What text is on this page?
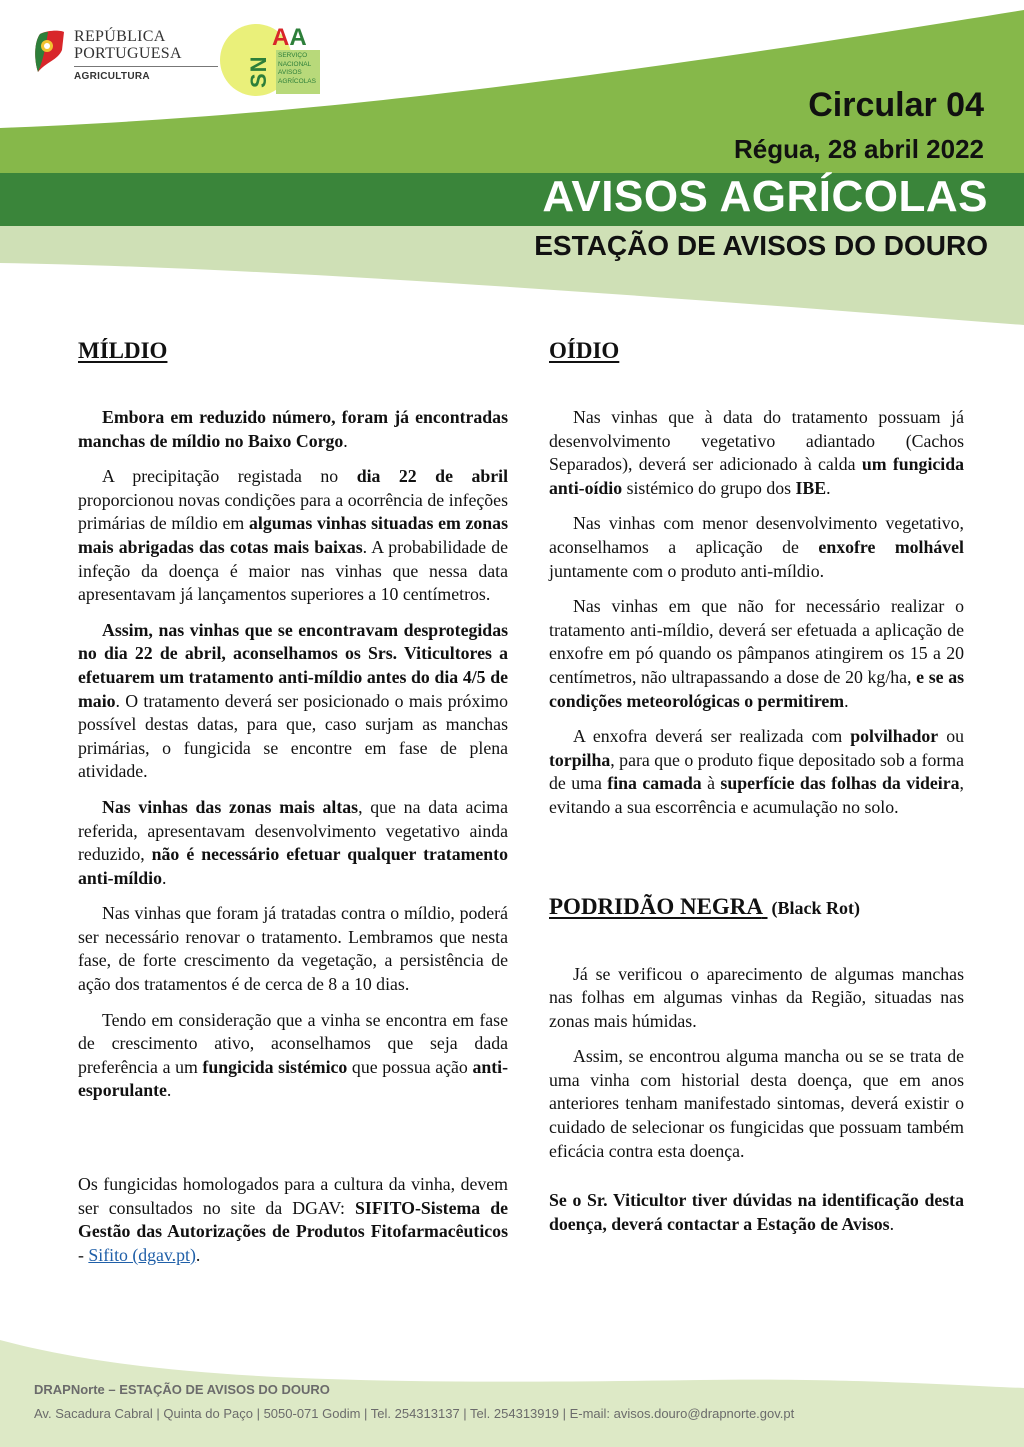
REPÚBLICA
PORTUGUESA
AGRICULTURA	SN
AA
SERVIÇO
NACIONAL
AVISOS
AGRÍCOLAS
Circular 04
Régua, 28 abril 2022
AVISOS AGRÍCOLAS
ESTAÇÃO DE AVISOS DO DOURO
MÍLDIO

Embora em reduzido número, foram já encontradas manchas de míldio no Baixo Corgo.

A precipitação registada no dia 22 de abril proporcionou novas condições para a ocorrência de infeções primárias de míldio em algumas vinhas situadas em zonas mais abrigadas das cotas mais baixas. A probabilidade de infeção da doença é maior nas vinhas que nessa data apresentavam já lançamentos superiores a 10 centímetros.

Assim, nas vinhas que se encontravam desprotegidas no dia 22 de abril, aconselhamos os Srs. Viticultores a efetuarem um tratamento anti-míldio antes do dia 4/5 de maio. O tratamento deverá ser posicionado o mais próximo possível destas datas, para que, caso surjam as manchas primárias, o fungicida se encontre em fase de plena atividade.

Nas vinhas das zonas mais altas, que na data acima referida, apresentavam desenvolvimento vegetativo ainda reduzido, não é necessário efetuar qualquer tratamento anti-míldio.

Nas vinhas que foram já tratadas contra o míldio, poderá ser necessário renovar o tratamento. Lembramos que nesta fase, de forte crescimento da vegetação, a persistência de ação dos tratamentos é de cerca de 8 a 10 dias.

Tendo em consideração que a vinha se encontra em fase de crescimento ativo, aconselhamos que seja dada preferência a um fungicida sistémico que possua ação anti-esporulante.

Os fungicidas homologados para a cultura da vinha, devem ser consultados no site da DGAV: SIFITO-Sistema de Gestão das Autorizações de Produtos Fitofarmacêuticos - Sifito (dgav.pt).

OÍDIO

Nas vinhas que à data do tratamento possuam já desenvolvimento vegetativo adiantado (Cachos Separados), deverá ser adicionado à calda um fungicida anti-oídio sistémico do grupo dos IBE.

Nas vinhas com menor desenvolvimento vegetativo, aconselhamos a aplicação de enxofre molhável juntamente com o produto anti-míldio.

Nas vinhas em que não for necessário realizar o tratamento anti-míldio, deverá ser efetuada a aplicação de enxofre em pó quando os pâmpanos atingirem os 15 a 20 centímetros, não ultrapassando a dose de 20 kg/ha, e se as condições meteorológicas o permitirem.

A enxofra deverá ser realizada com polvilhador ou torpilha, para que o produto fique depositado sob a forma de uma fina camada à superfície das folhas da videira, evitando a sua escorrência e acumulação no solo.

PODRIDÃO NEGRA (Black Rot)

Já se verificou o aparecimento de algumas manchas nas folhas em algumas vinhas da Região, situadas nas zonas mais húmidas.

Assim, se encontrou alguma mancha ou se se trata de uma vinha com historial desta doença, que em anos anteriores tenham manifestado sintomas, deverá existir o cuidado de selecionar os fungicidas que possuam também eficácia contra esta doença.

Se o Sr. Viticultor tiver dúvidas na identificação desta doença, deverá contactar a Estação de Avisos.

DRAPNorte – ESTAÇÃO DE AVISOS DO DOURO
Av. Sacadura Cabral | Quinta do Paço | 5050-071 Godim | Tel. 254313137 | Tel. 254313919 | E-mail: avisos.douro@drapnorte.gov.pt
